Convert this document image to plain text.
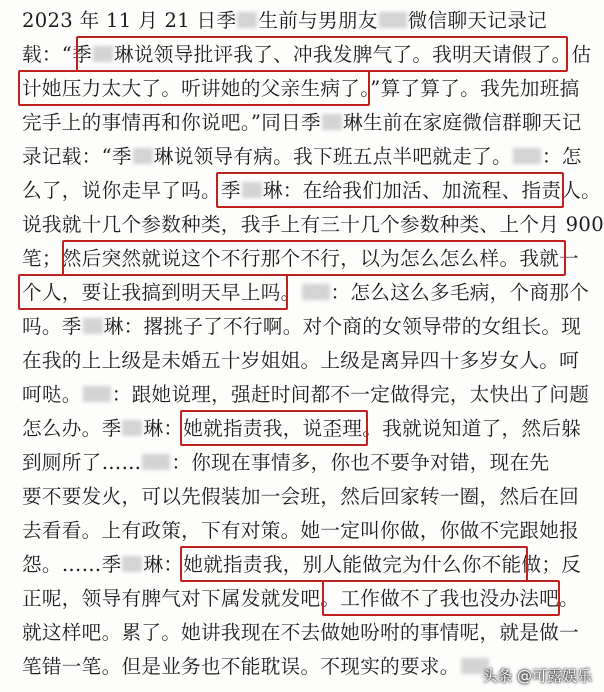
2023 年 11 月 21 日季 生前与男朋友 微信聊天记录记
载：“季 琳说领导批评我了、冲我发脾气了。我明天请假了。估
计她压力太大了。听讲她的父亲生病了。”算了算了。我先加班搞
完手上的事情再和你说吧。”同日季 琳生前在家庭微信群聊天记
录记载：“季 琳说领导有病。我下班五点半吧就走了。 ：怎
么了，说你走早了吗。季 琳：在给我们加活、加流程、指责人。
说我就十几个参数种类，我手上有三十几个参数种类、上个月 900
笔；然后突然就说这个不行那个不行，以为怎么怎么样。我就一
个人，要让我搞到明天早上吗。 ：怎么这么多毛病，个商那个
吗。季 琳：撂挑子了不行啊。对个商的女领导带的女组长。现
在我的上上级是未婚五十岁姐姐。上级是离异四十多岁女人。呵
呵哒。 ：跟她说理，强赶时间都不一定做得完，太快出了问题
怎么办。季 琳：她就指责我，说歪理。我就说知道了，然后躲
到厕所了…… ：你现在事情多，你也不要争对错，现在先
要不要发火，可以先假装加一会班，然后回家转一圈，然后在回
去看看。上有政策，下有对策。她一定叫你做，你做不完跟她报
怨。……季 琳：她就指责我，别人能做完为什么你不能做；反
正呢，领导有脾气对下属发就发吧。工作做不了我也没办法吧。
就这样吧。累了。她讲我现在不去做她吩咐的事情呢，就是做一
笔错一笔。但是业务也不能耽误。不现实的要求。	头条 @可露娱乐
